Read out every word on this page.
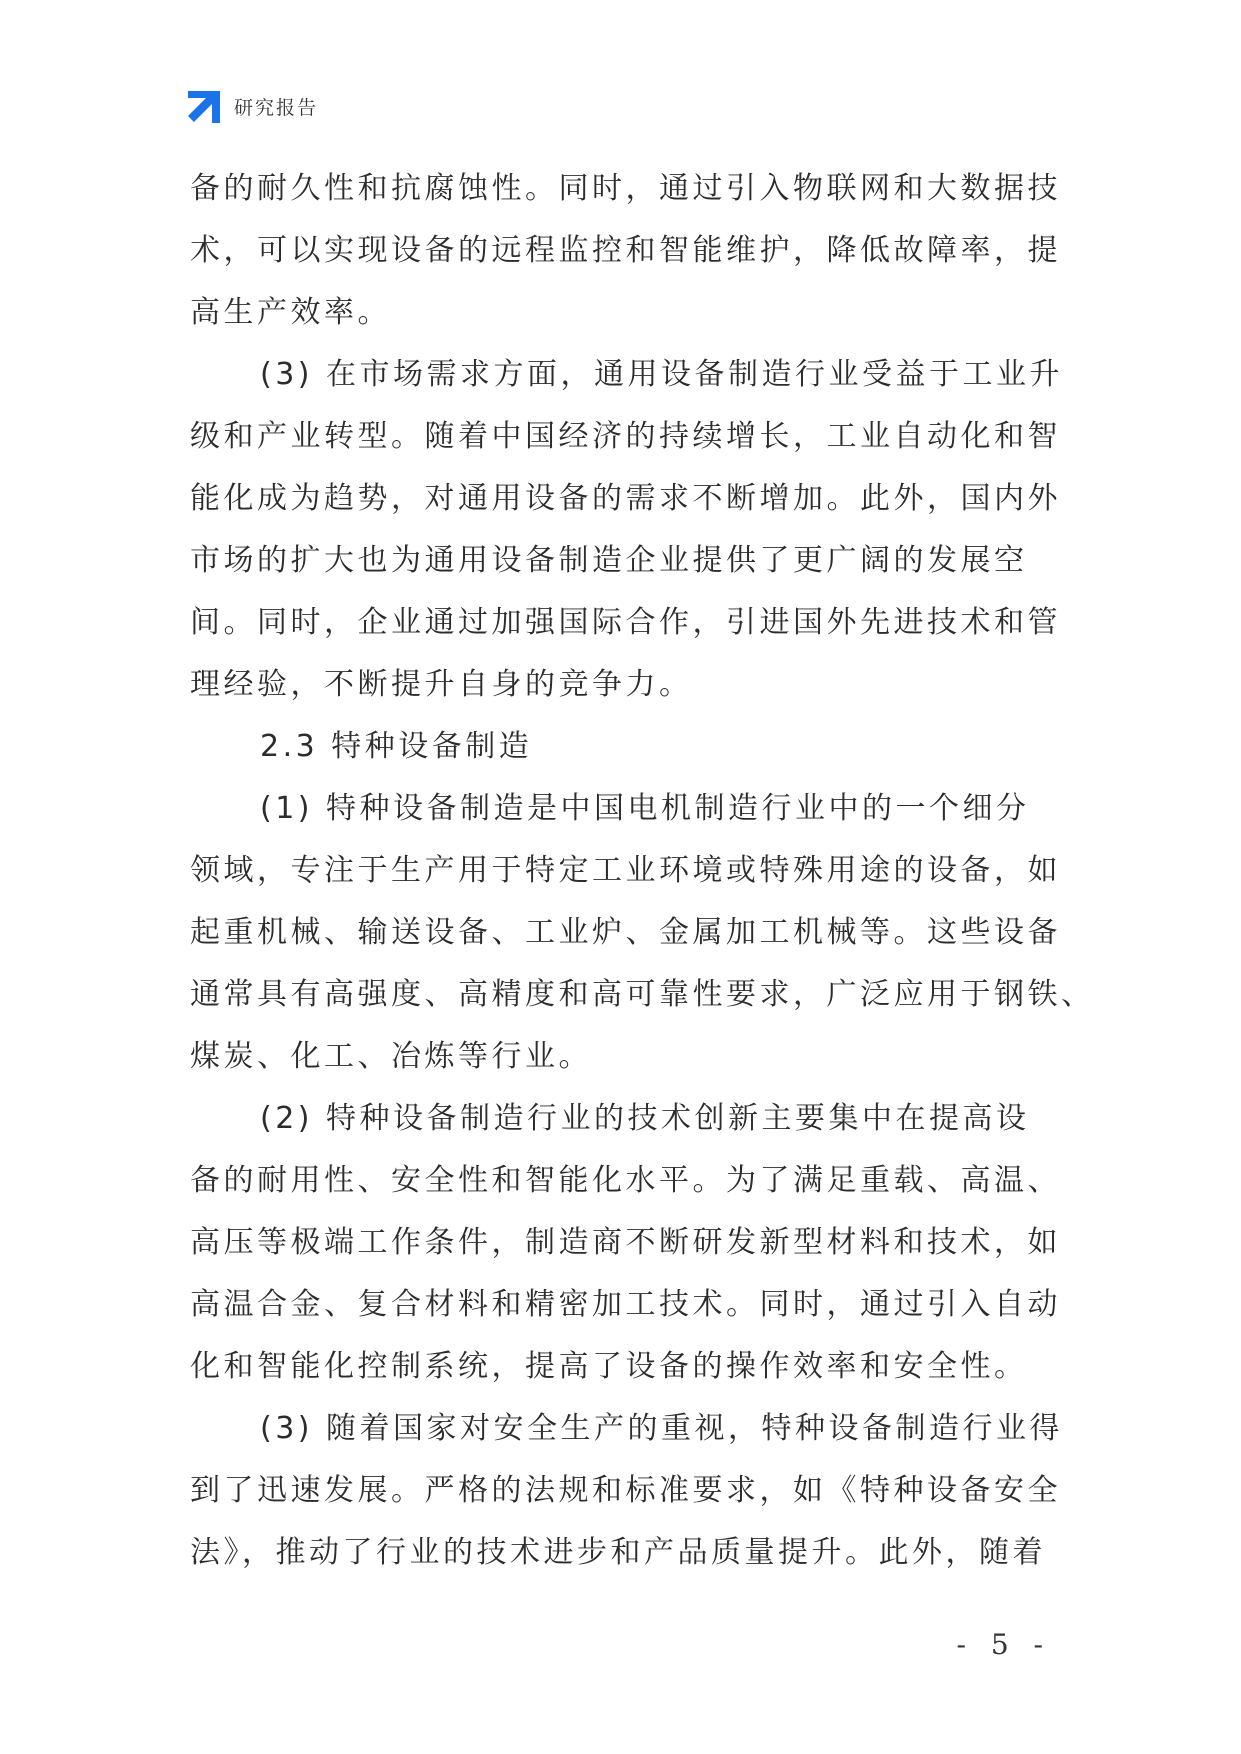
研究报告

备的耐久性和抗腐蚀性。同时，通过引入物联网和大数据技
术，可以实现设备的远程监控和智能维护，降低故障率，提
高生产效率。

(3) 在市场需求方面，通用设备制造行业受益于工业升
级和产业转型。随着中国经济的持续增长，工业自动化和智
能化成为趋势，对通用设备的需求不断增加。此外，国内外
市场的扩大也为通用设备制造企业提供了更广阔的发展空
间。同时，企业通过加强国际合作，引进国外先进技术和管
理经验，不断提升自身的竞争力。

2.3 特种设备制造

(1) 特种设备制造是中国电机制造行业中的一个细分
领域，专注于生产用于特定工业环境或特殊用途的设备，如
起重机械、输送设备、工业炉、金属加工机械等。这些设备
通常具有高强度、高精度和高可靠性要求，广泛应用于钢铁、
煤炭、化工、冶炼等行业。

(2) 特种设备制造行业的技术创新主要集中在提高设
备的耐用性、安全性和智能化水平。为了满足重载、高温、
高压等极端工作条件，制造商不断研发新型材料和技术，如
高温合金、复合材料和精密加工技术。同时，通过引入自动
化和智能化控制系统，提高了设备的操作效率和安全性。

(3) 随着国家对安全生产的重视，特种设备制造行业得
到了迅速发展。严格的法规和标准要求，如《特种设备安全
法》，推动了行业的技术进步和产品质量提升。此外，随着

- 5 -
